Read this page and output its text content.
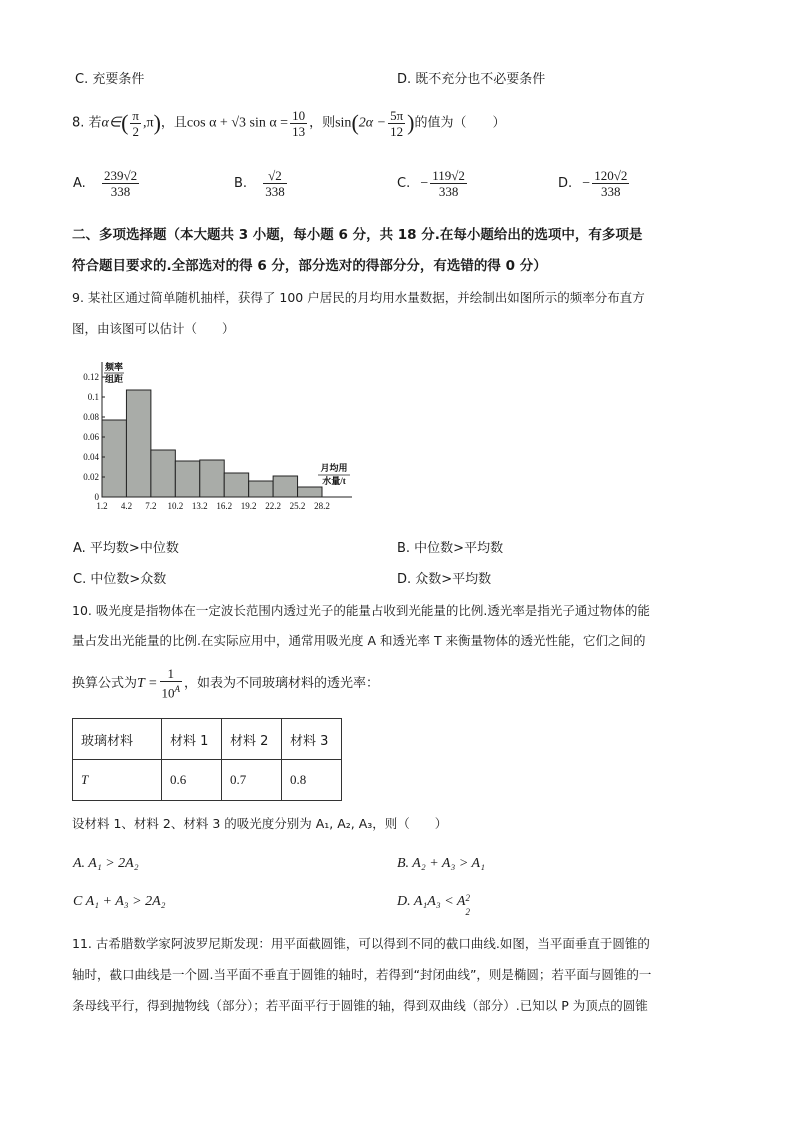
C. 充要条件	D. 既不充分也不必要条件
8. 若α∈( $\frac{\pi}{2} ,\pi$)，且cos α + √3 $\sin \alpha = \frac{10}{13}$ ，则$\sin(2\alpha - \frac{5\pi}{12}$ )的值为（　　）
A. $\frac{239√2}{338}$	B. $\frac{√2}{338}$	C. − $\frac{119√2}{338}$	D. − $\frac{120√2}{338}$
二、多项选择题（本大题共 3 小题，每小题 6 分，共 18 分.在每小题给出的选项中，有多项是
符合题目要求的.全部选对的得 6 分，部分选对的得部分分，有选错的得 0 分）
9. 某社区通过简单随机抽样，获得了 100 户居民的月均用水量数据，并绘制出如图所示的频率分布直方
图，由该图可以估计（　　）
0
0.02
0.04
0.06
0.08
0.1
0.12
1.2 4.2 7.2 10.2 13.2 16.2 19.2 22.2 25.2 28.2
频率
组距
月均用
水量/t
A. 平均数>中位数	B. 中位数>平均数
C. 中位数>众数	D. 众数>平均数
10. 吸光度是指物体在一定波长范围内透过光子的能量占收到光能量的比例.透光率是指光子通过物体的能
量占发出光能量的比例.在实际应用中，通常用吸光度 A 和透光率 T 来衡量物体的透光性能，它们之间的
换算公式为$T = \frac{1}{10^A}$ ，如表为不同玻璃材料的透光率：
玻璃材料	材料 1	材料 2	材料 3
T	0.6	0.7	0.8
设材料 1、材料 2、材料 3 的吸光度分别为 A₁, A₂, A₃，则（　　）
A. A₁ > 2A₂	B. A₂ + A₃ > A₁
C A₁ + A₃ > 2A₂	D. A₁A₃ < A 2
2
11. 古希腊数学家阿波罗尼斯发现：用平面截圆锥，可以得到不同的截口曲线.如图，当平面垂直于圆锥的
轴时，截口曲线是一个圆.当平面不垂直于圆锥的轴时，若得到“封闭曲线”，则是椭圆；若平面与圆锥的一
条母线平行，得到抛物线（部分）；若平面平行于圆锥的轴，得到双曲线（部分）.已知以 P 为顶点的圆锥
